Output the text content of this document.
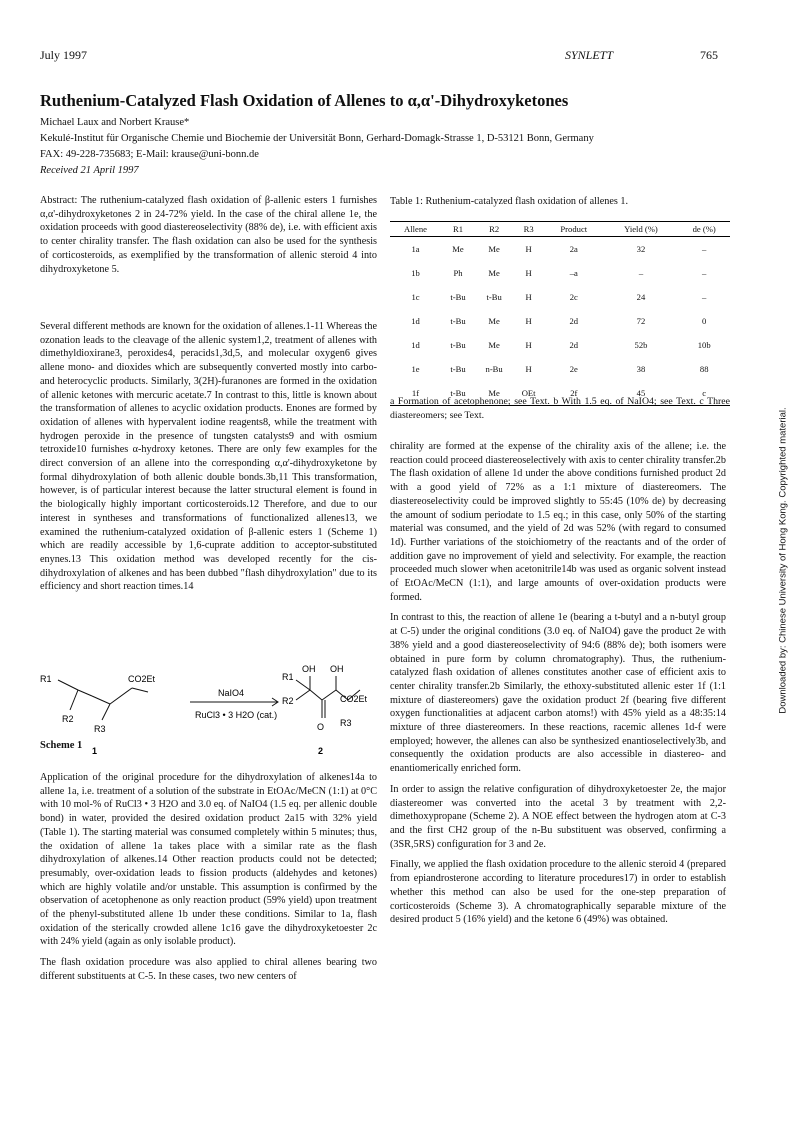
July 1997	SYNLETT	765
Ruthenium-Catalyzed Flash Oxidation of Allenes to α,α'-Dihydroxyketones
Michael Laux and Norbert Krause*
Kekulé-Institut für Organische Chemie und Biochemie der Universität Bonn, Gerhard-Domagk-Strasse 1, D-53121 Bonn, Germany
FAX: 49-228-735683; E-Mail: krause@uni-bonn.de
Received 21 April 1997

Abstract: The ruthenium-catalyzed flash oxidation of β-allenic esters 1 furnishes α,α'-dihydroxyketones 2 in 24-72% yield. In the case of the chiral allene 1e, the oxidation proceeds with good diastereoselectivity (88% de), i.e. with efficient axis to center chirality transfer. The flash oxidation can also be used for the synthesis of corticosteroids, as exemplified by the transformation of allenic steroid 4 into dihydroxyketone 5.

Several different methods are known for the oxidation of allenes.1-11 Whereas the ozonation leads to the cleavage of the allenic system1,2, treatment of allenes with dimethyldioxirane3, peroxides4, peracids1,3d,5, and molecular oxygen6 gives allene mono- and dioxides which are subsequently converted mostly into carbo- and heterocyclic products. Similarly, 3(2H)-furanones are formed in the oxidation of allenic ketones with mercuric acetate.7 In contrast to this, little is known about the transformation of allenes to acyclic oxidation products. Enones are formed by oxidation of allenes with hypervalent iodine reagents8, while the treatment with hydrogen peroxide in the presence of tungsten catalysts9 and with osmium tetroxide10 furnishes α-hydroxy ketones. There are only few examples for the direct conversion of an allene into the corresponding α,α'-dihydroxyketone by formal dihydroxylation of both allenic double bonds.3b,11 This transformation, however, is of particular interest because the latter structural element is found in the biologically highly important corticosteroids.12 Therefore, and due to our interest in syntheses and transformations of functionalized allenes13, we examined the ruthenium-catalyzed oxidation of β-allenic esters 1 (Scheme 1) which are readily accessible by 1,6-cuprate addition to acceptor-substituted enynes.13 This oxidation method was developed recently for the cis-dihydroxylation of alkenes and has been dubbed "flash dihydroxylation" due to its efficiency and short reaction times.14

R1
R2
R3
CO2Et
NaIO4
RuCl3 • 3 H2O (cat.)
R1
R2
OH OH
O R3
CO2Et
1	2
Scheme 1

Application of the original procedure for the dihydroxylation of alkenes14a to allene 1a, i.e. treatment of a solution of the substrate in EtOAc/MeCN (1:1) at 0°C with 10 mol-% of RuCl3 • 3 H2O and 3.0 eq. of NaIO4 (1.5 eq. per allenic double bond) in water, provided the desired oxidation product 2a15 with 32% yield (Table 1). The starting material was consumed completely within 5 minutes; thus, the oxidation of allene 1a takes place with a similar rate as the flash dihydroxylation of alkenes.14 Other reaction products could not be detected; presumably, over-oxidation leads to fission products (aldehydes and ketones) which are highly volatile and/or unstable. This assumption is confirmed by the observation of acetophenone as only reaction product (59% yield) upon treatment of the phenyl-substituted allene 1b under these conditions. Similar to 1a, flash oxidation of the sterically crowded allene 1c16 gave the dihydroxyketoester 2c with 24% yield (again as only isolable product).

The flash oxidation procedure was also applied to chiral allenes bearing two different substituents at C-5. In these cases, two new centers of

Table 1: Ruthenium-catalyzed flash oxidation of allenes 1.
Allene	R1	R2	R3	Product	Yield (%)	de (%)
1a	Me	Me	H	2a	32	–
1b	Ph	Me	H	–a	–	–
1c	t-Bu	t-Bu	H	2c	24	–
1d	t-Bu	Me	H	2d	72	0
1d	t-Bu	Me	H	2d	52b	10b
1e	t-Bu	n-Bu	H	2e	38	88
1f	t-Bu	Me	OEt	2f	45	c
a Formation of acetophenone; see Text. b With 1.5 eq. of NaIO4; see Text. c Three diastereomers; see Text.

chirality are formed at the expense of the chirality axis of the allene; i.e. the reaction could proceed diastereoselectively with axis to center chirality transfer.2b The flash oxidation of allene 1d under the above conditions furnished product 2d with a good yield of 72% as a 1:1 mixture of diastereomers. The diastereoselectivity could be improved slightly to 55:45 (10% de) by decreasing the amount of sodium periodate to 1.5 eq.; in this case, only 50% of the starting material was consumed, and the yield of 2d was 52% (with regard to consumed 1d). Further variations of the stoichiometry of the reactants and of the order of addition gave no improvement of yield and selectivity. For example, the reaction proceeded much slower when acetonitrile14b was used as organic solvent instead of EtOAc/MeCN (1:1), and large amounts of over-oxidation products were formed.

In contrast to this, the reaction of allene 1e (bearing a t-butyl and a n-butyl group at C-5) under the original conditions (3.0 eq. of NaIO4) gave the product 2e with 38% yield and a good diastereoselectivity of 94:6 (88% de); both isomers were obtained in pure form by column chromatography). Thus, the ruthenium-catalyzed flash oxidation of allenes constitutes another case of efficient axis to center chirality transfer.2b Similarly, the ethoxy-substituted allenic ester 1f (1:1 mixture of diastereomers) gave the oxidation product 2f (bearing five different oxygen functionalities at adjacent carbon atoms!) with 45% yield as a 48:35:14 mixture of three diastereomers. In these reactions, racemic allenes 1d-f were employed; however, the allenes can also be synthesized enantioselectively3b, and consequently the oxidation products are also accessible in diastereo- and enantiomerically enriched form.

In order to assign the relative configuration of dihydroxyketoester 2e, the major diastereomer was converted into the acetal 3 by treatment with 2,2-dimethoxypropane (Scheme 2). A NOE effect between the hydrogen atom at C-3 and the first CH2 group of the n-Bu substituent was observed, confirming a (3SR,5RS) configuration for 3 and 2e.

Finally, we applied the flash oxidation procedure to the allenic steroid 4 (prepared from epiandrosterone according to literature procedures17) in order to establish whether this method can also be used for the one-step preparation of corticosteroids (Scheme 3). A chromatographically separable mixture of the desired product 5 (16% yield) and the ketone 6 (49%) was obtained.

Downloaded by: Chinese University of Hong Kong. Copyrighted material.
